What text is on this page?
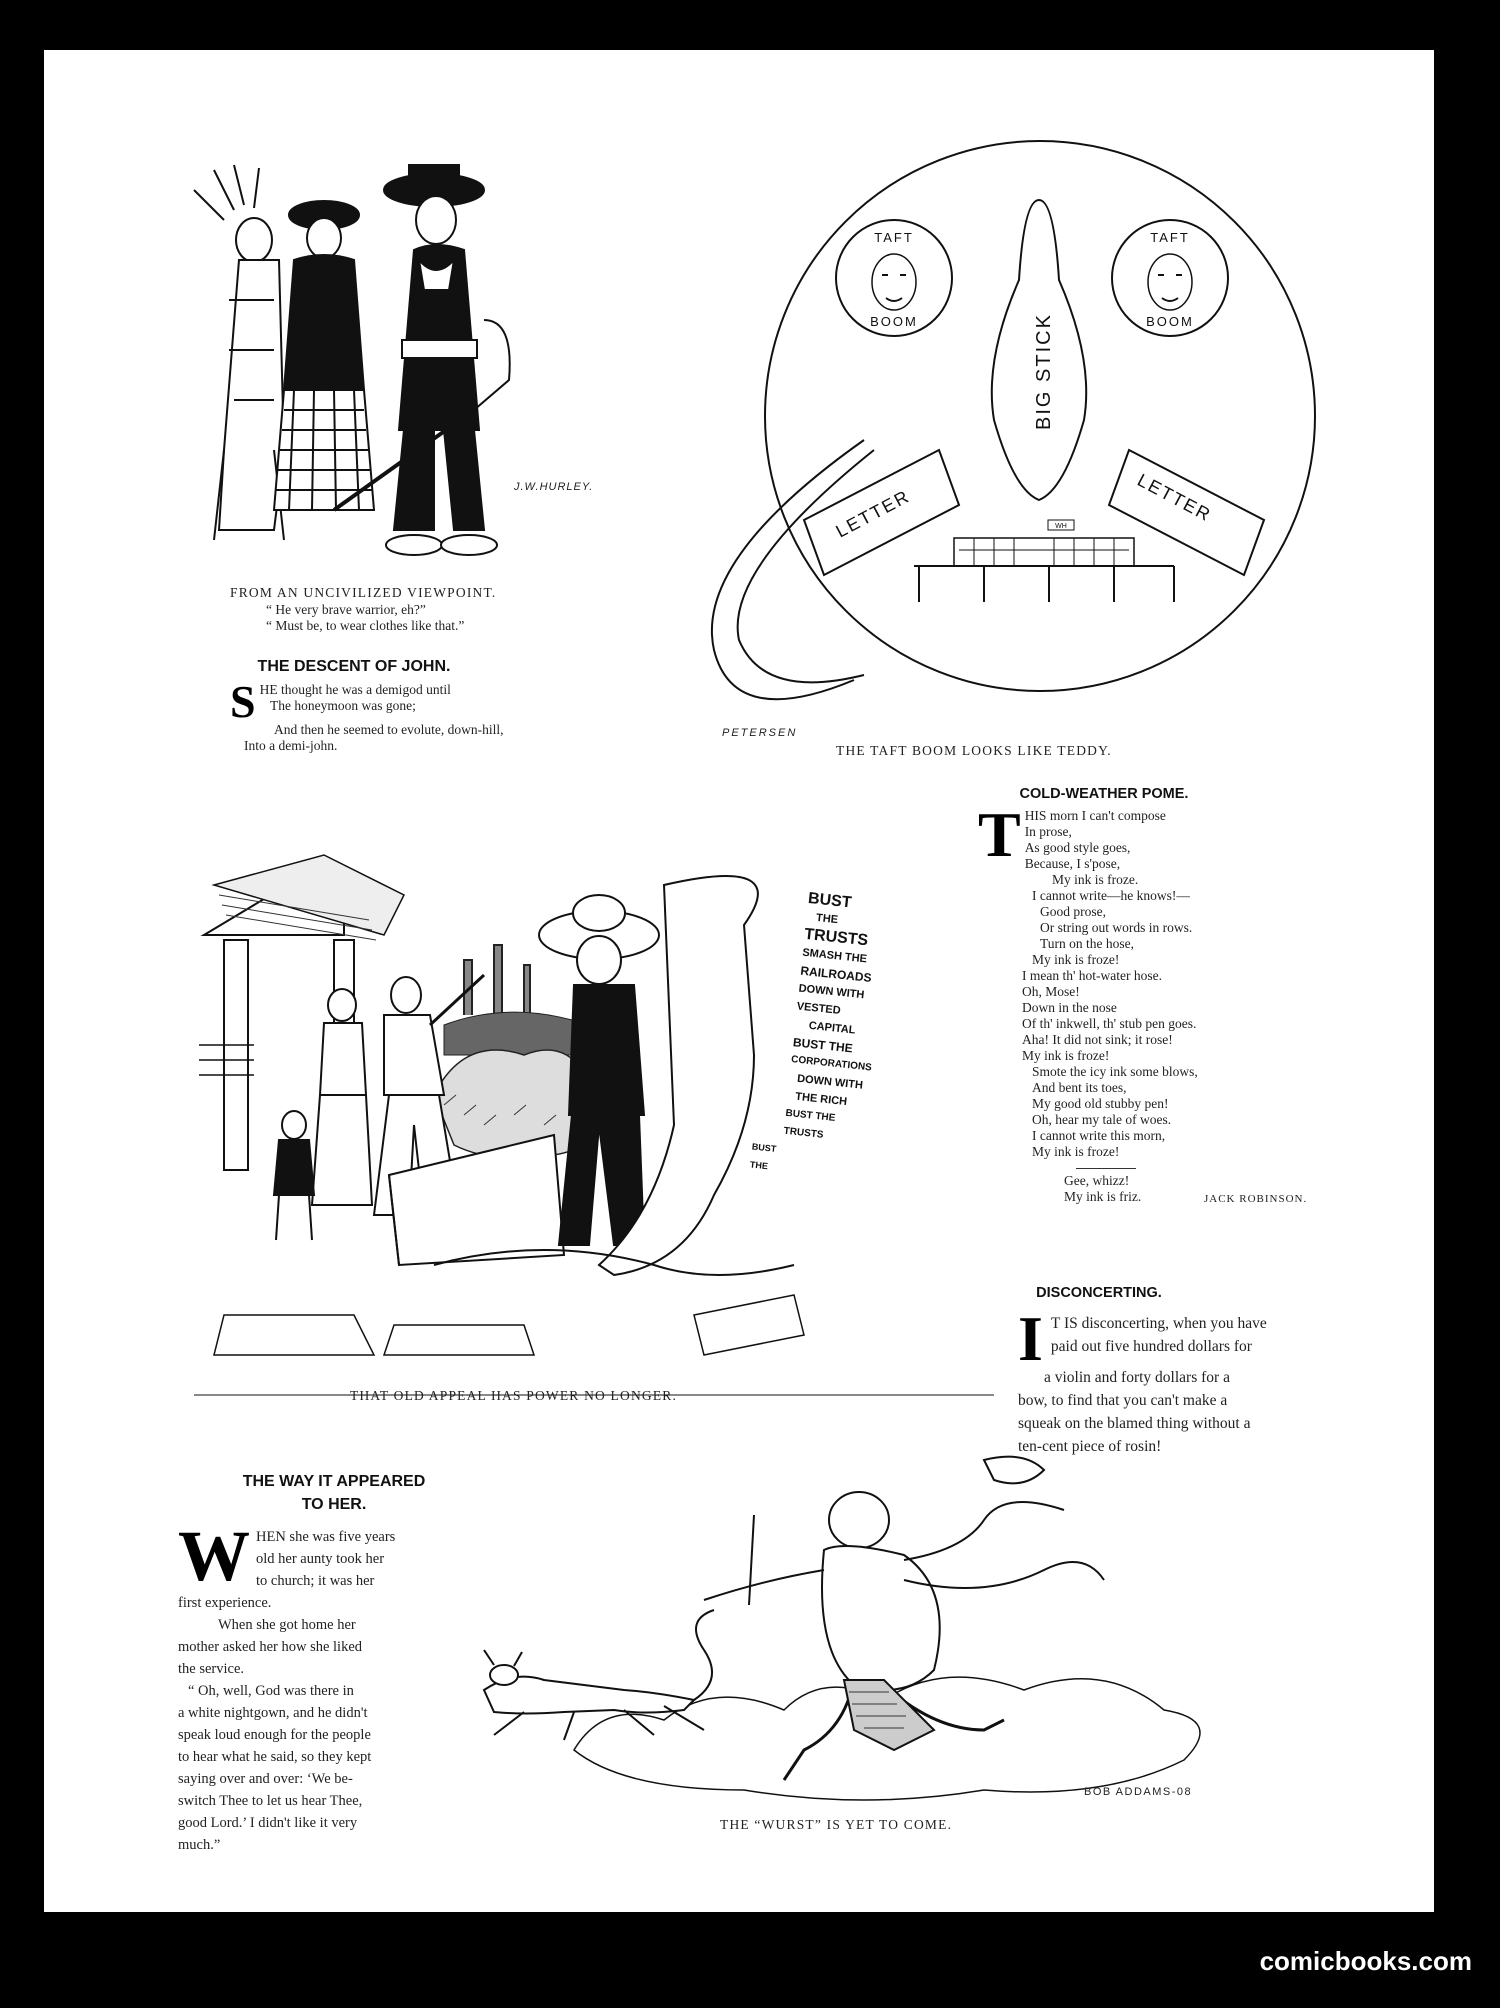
J.W.HURLEY.
FROM AN UNCIVILIZED VIEWPOINT.
“ He very brave warrior, eh?”
“ Must be, to wear clothes like that.”
THE DESCENT OF JOHN.
S HE thought he was a demigod until
The honeymoon was gone;
And then he seemed to evolute, down-hill,
Into a demi-john.
TAFT
BOOM
TAFT
BOOM
BIG STICK
LETTER	LETTER
WH
PETERSEN
THE TAFT BOOM LOOKS LIKE TEDDY.
BUST
THE
TRUSTS
SMASH THE
RAILROADS
DOWN WITH
VESTED
CAPITAL
BUST THE
CORPORATIONS
DOWN WITH
THE RICH
BUST THE
TRUSTS
BUST
THE
THAT OLD APPEAL HAS POWER NO LONGER.
COLD-WEATHER POME.
T HIS morn I can't compose
In prose,
As good style goes,
Because, I s'pose,
My ink is froze.
I cannot write—he knows!—
Good prose,
Or string out words in rows.
Turn on the hose,
My ink is froze!
I mean th' hot-water hose.
Oh, Mose!
Down in the nose
Of th' inkwell, th' stub pen goes.
Aha! It did not sink; it rose!
My ink is froze!
Smote the icy ink some blows,
And bent its toes,
My good old stubby pen!
Oh, hear my tale of woes.
I cannot write this morn,
My ink is froze!
Gee, whizz!
My ink is friz.	JACK ROBINSON.
DISCONCERTING.
I T IS disconcerting, when you have
paid out five hundred dollars for
a violin and forty dollars for a
bow, to find that you can't make a
squeak on the blamed thing without a
ten-cent piece of rosin!
THE WAY IT APPEARED
TO HER.
W HEN she was five years
old her aunty took her
to church; it was her
first experience.
When she got home her
mother asked her how she liked
the service.
“ Oh, well, God was there in
a white nightgown, and he didn't
speak loud enough for the people
to hear what he said, so they kept
saying over and over: ‘We be-
switch Thee to let us hear Thee,
good Lord.’ I didn't like it very
much.”
BOB ADDAMS-08
THE “WURST” IS YET TO COME.
comicbooks.com
